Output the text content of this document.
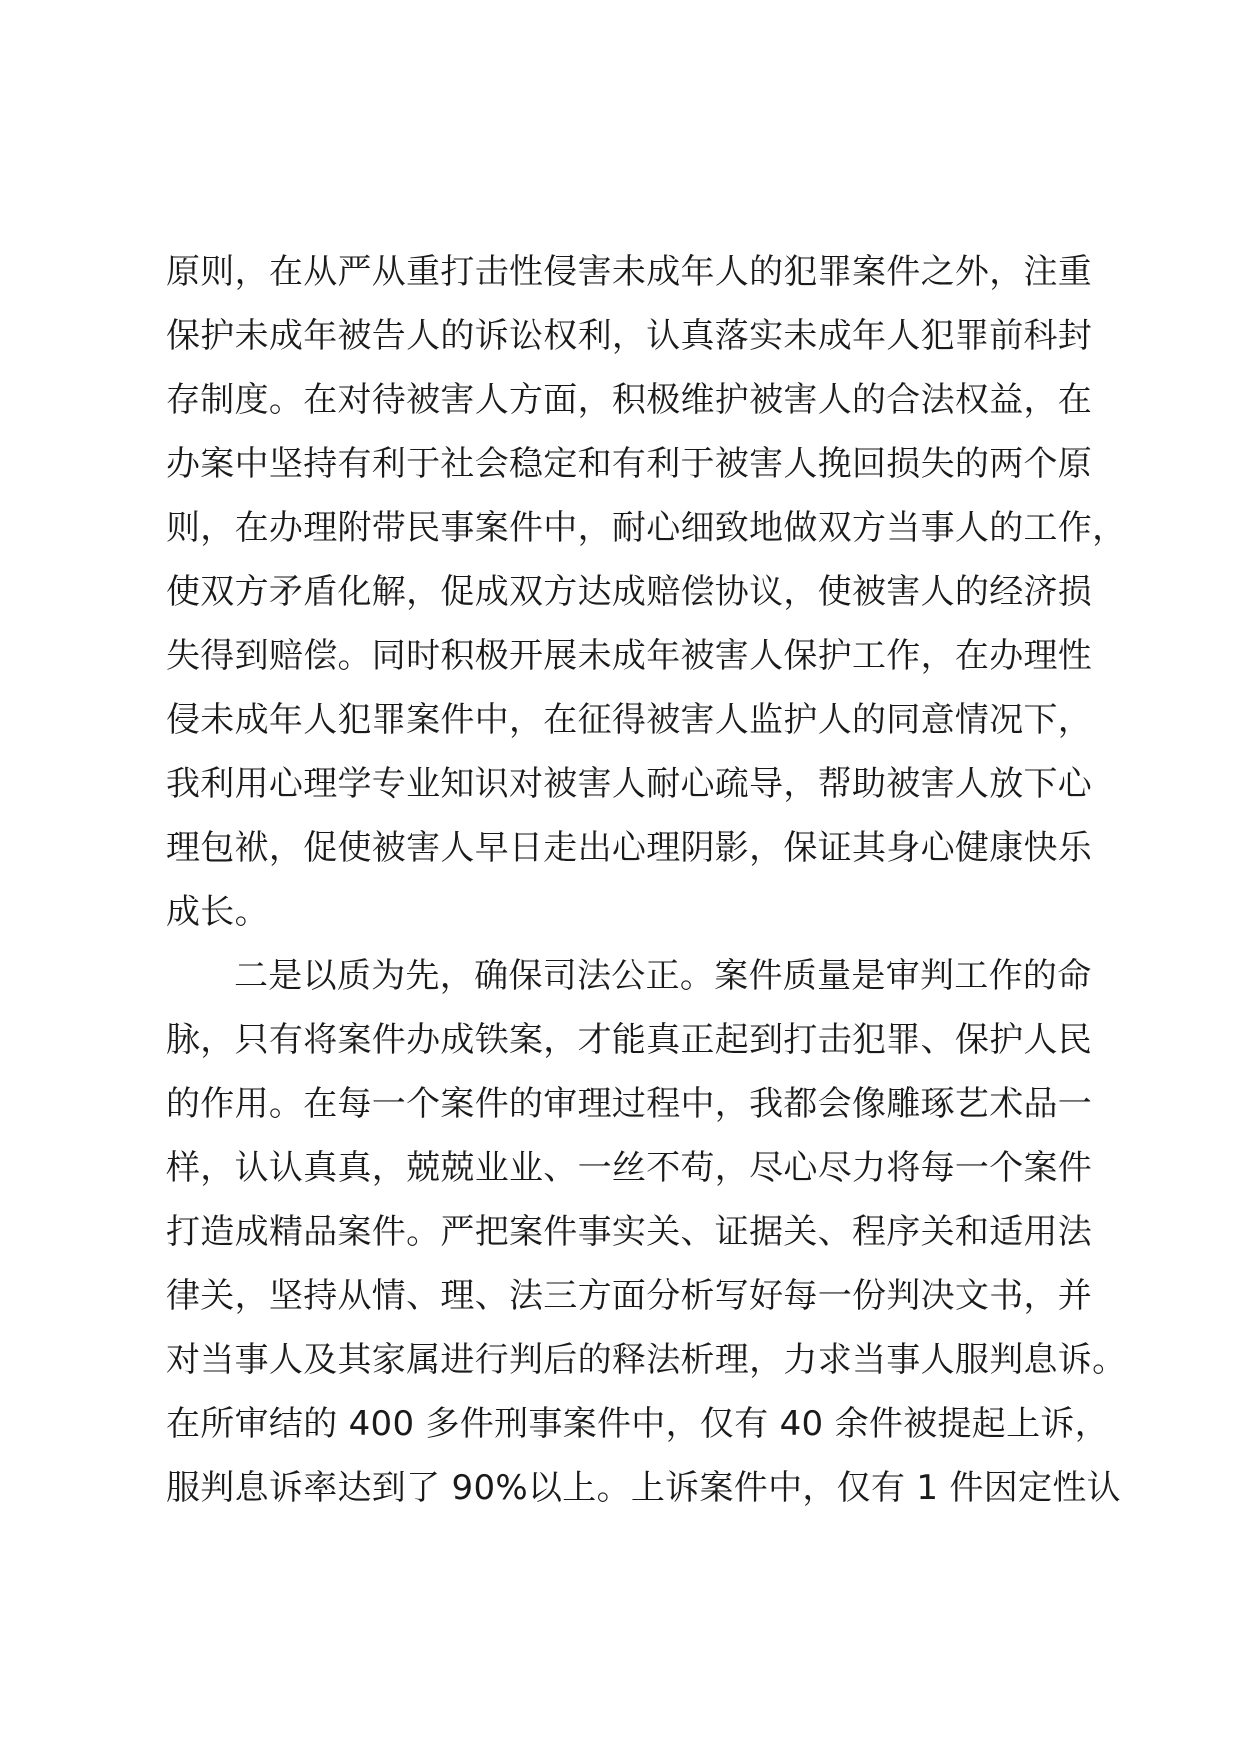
原则，在从严从重打击性侵害未成年人的犯罪案件之外，注重
保护未成年被告人的诉讼权利，认真落实未成年人犯罪前科封
存制度。在对待被害人方面，积极维护被害人的合法权益，在
办案中坚持有利于社会稳定和有利于被害人挽回损失的两个原
则，在办理附带民事案件中，耐心细致地做双方当事人的工作，
使双方矛盾化解，促成双方达成赔偿协议，使被害人的经济损
失得到赔偿。同时积极开展未成年被害人保护工作，在办理性
侵未成年人犯罪案件中，在征得被害人监护人的同意情况下，
我利用心理学专业知识对被害人耐心疏导，帮助被害人放下心
理包袱，促使被害人早日走出心理阴影，保证其身心健康快乐
成长。
二是以质为先，确保司法公正。案件质量是审判工作的命
脉，只有将案件办成铁案，才能真正起到打击犯罪、保护人民
的作用。在每一个案件的审理过程中，我都会像雕琢艺术品一
样，认认真真，兢兢业业、一丝不苟，尽心尽力将每一个案件
打造成精品案件。严把案件事实关、证据关、程序关和适用法
律关，坚持从情、理、法三方面分析写好每一份判决文书，并
对当事人及其家属进行判后的释法析理，力求当事人服判息诉。
在所审结的 400 多件刑事案件中，仅有 40 余件被提起上诉，
服判息诉率达到了 90%以上。上诉案件中，仅有 1 件因定性认
